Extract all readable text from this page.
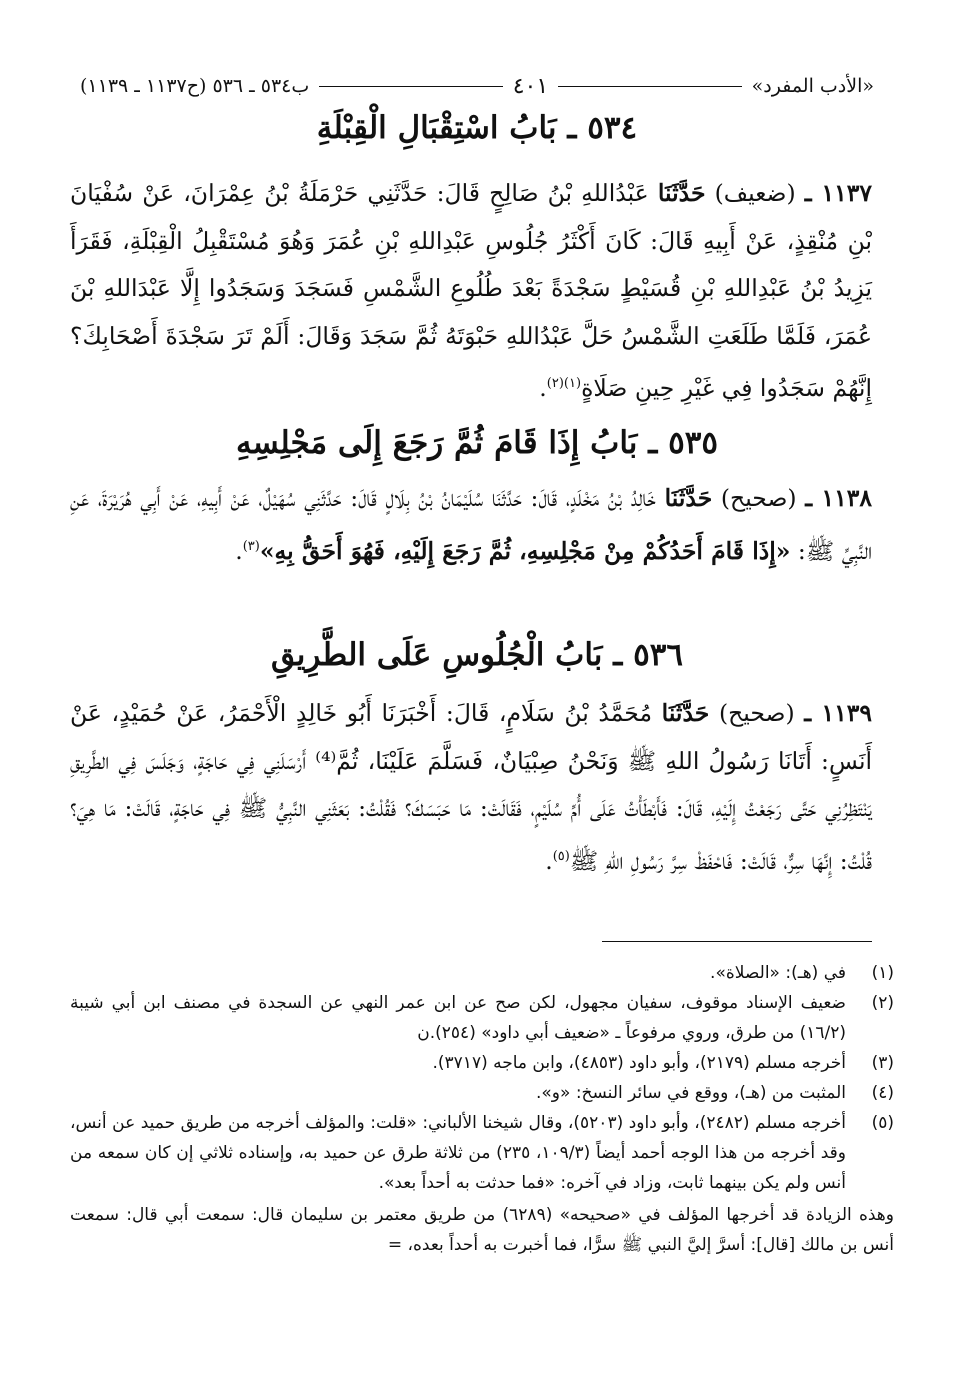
«الأدب المفرد»
٤٠١
ب٥٣٤ ـ ٥٣٦ (ح١١٣٧ ـ ١١٣٩)
٥٣٤ ـ بَابُ اسْتِقْبَالِ الْقِبْلَةِ
١١٣٧ ـ (ضعيف) حَدَّثَنَا عَبْدُاللهِ بْنُ صَالِحٍ قَالَ: حَدَّثَنِي حَرْمَلَةُ بْنُ عِمْرَانَ، عَنْ سُفْيَانَ بْنِ مُنْقِذٍ، عَنْ أَبِيهِ قَالَ: كَانَ أَكْثَرُ جُلُوسِ عَبْدِاللهِ بْنِ عُمَرَ وَهُوَ مُسْتَقْبِلُ الْقِبْلَةِ، فَقَرَأَ يَزِيدُ بْنُ عَبْدِاللهِ بْنِ قُسَيْطٍ سَجْدَةً بَعْدَ طُلُوعِ الشَّمْسِ فَسَجَدَ وَسَجَدُوا إِلَّا عَبْدَاللهِ بْنَ عُمَرَ، فَلَمَّا طَلَعَتِ الشَّمْسُ حَلَّ عَبْدُاللهِ حَبْوَتَهُ ثُمَّ سَجَدَ وَقَالَ: أَلَمْ تَرَ سَجْدَةَ أَصْحَابِكَ؟ إِنَّهُمْ سَجَدُوا فِي غَيْرِ حِينِ صَلَاةٍ$^{(١)(٢)}$.
٥٣٥ ـ بَابُ إِذَا قَامَ ثُمَّ رَجَعَ إِلَى مَجْلِسِهِ
١١٣٨ ـ (صحيح) حَدَّثَنَا خَالِدُ بْنُ مَخْلَدٍ، قَالَ: حَدَّثَنَا سُلَيْمَانُ بْنُ بِلَالٍ قَالَ: حَدَّثَنِي سُهَيْلٌ، عَنْ أَبِيهِ، عَنْ أَبِي هُرَيْرَةَ، عَنِ النَّبِيِّ ﷺ: «إِذَا قَامَ أَحَدُكُمْ مِنْ مَجْلِسِهِ، ثُمَّ رَجَعَ إِلَيْهِ، فَهُوَ أَحَقُّ بِهِ»$^{(٣)}$.
٥٣٦ ـ بَابُ الْجُلُوسِ عَلَى الطَّرِيقِ
١١٣٩ ـ (صحيح) حَدَّثَنَا مُحَمَّدُ بْنُ سَلَامٍ، قَالَ: أَخْبَرَنَا أَبُو خَالِدٍ الْأَحْمَرُ، عَنْ حُمَيْدٍ، عَنْ أَنَسٍ: أَتَانَا رَسُولُ اللهِ ﷺ وَنَحْنُ صِبْيَانٌ، فَسَلَّمَ عَلَيْنَا، ثُمَّ⁽⁴⁾ أَرْسَلَنِي فِي حَاجَةٍ، وَجَلَسَ فِي الطَّرِيقِ يَنْتَظِرُنِي حَتَّى رَجَعْتُ إِلَيْهِ، قَالَ: فَأَبْطَأْتُ عَلَى أُمِّ سُلَيْمٍ، فَقَالَتْ: مَا حَبَسَكَ؟ فَقُلْتُ: بَعَثَنِي النَّبِيُّ ﷺ فِي حَاجَةٍ، قَالَتْ: مَا هِيَ؟ قُلْتُ: إِنَّهَا سِرٌّ، قَالَتْ: فَاحْفَظْ سِرَّ رَسُولِ اللهِ ﷺ$^{(٥)}$.
(١)
في (هـ): «الصلاة».
(٢)
ضعيف الإسناد موقوف، سفيان مجهول، لكن صح عن ابن عمر النهي عن السجدة في مصنف ابن أبي شيبة (١٦/٢) من طرق، وروي مرفوعاً ـ «ضعيف أبي داود» (٢٥٤).ن
(٣)
أخرجه مسلم (٢١٧٩)، وأبو داود (٤٨٥٣)، وابن ماجه (٣٧١٧).
(٤)
المثبت من (هـ)، ووقع في سائر النسخ: «و».
(٥)
أخرجه مسلم (٢٤٨٢)، وأبو داود (٥٢٠٣)، وقال شيخنا الألباني: «قلت: والمؤلف أخرجه من طريق حميد عن أنس، وقد أخرجه من هذا الوجه أحمد أيضاً (١٠٩/٣، ٢٣٥) من ثلاثة طرق عن حميد به، وإسناده ثلاثي إن كان سمعه من أنس ولم يكن بينهما ثابت، وزاد في آخره: «فما حدثت به أحداً بعد».
وهذه الزيادة قد أخرجها المؤلف في «صحيحه» (٦٢٨٩) من طريق معتمر بن سليمان قال: سمعت أبي قال: سمعت أنس بن مالك [قال]: أسرَّ إليَّ النبي ﷺ سرًّا، فما أخبرت به أحداً بعده، =
